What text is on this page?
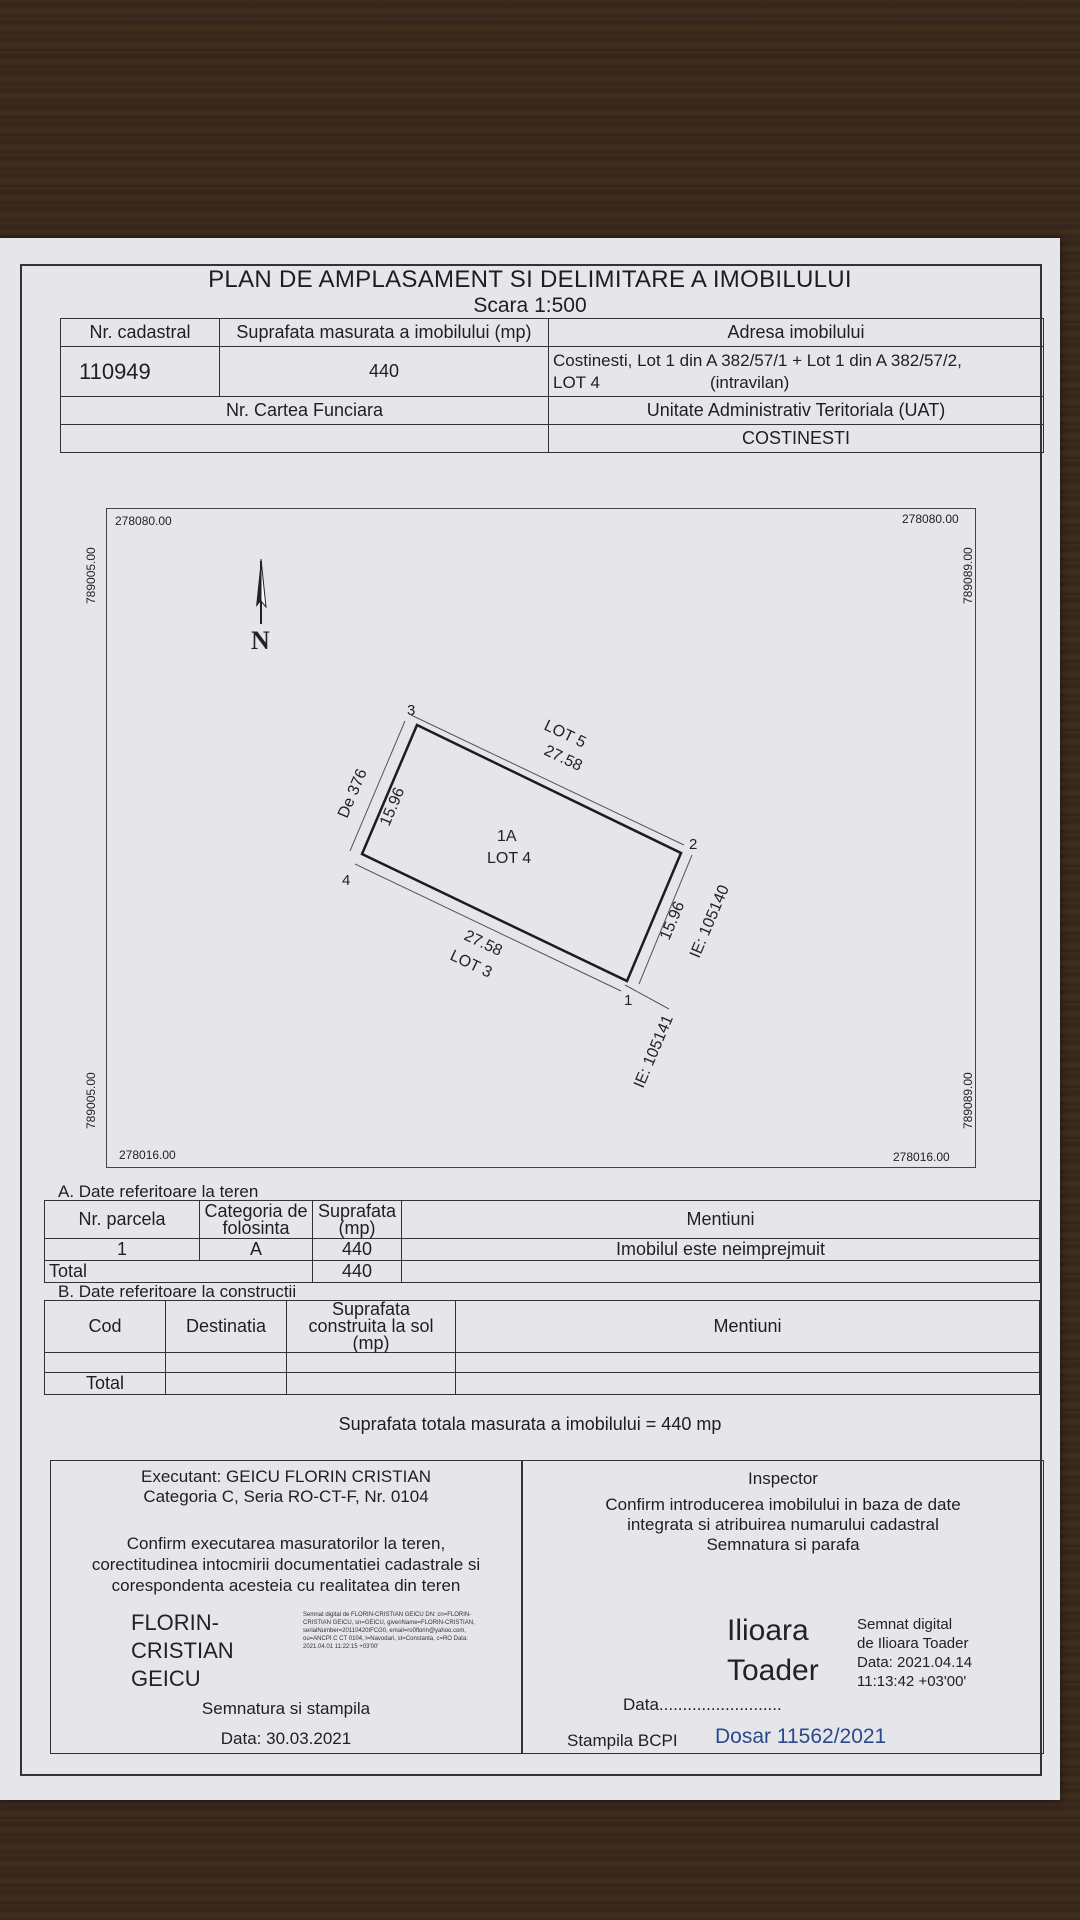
PLAN DE AMPLASAMENT SI DELIMITARE A IMOBILULUI
Scara 1:500
Nr. cadastral	Suprafata masurata a imobilului (mp)	Adresa imobilului
110949	440	Costinesti, Lot 1 din A 382/57/1 + Lot 1 din A 382/57/2,
LOT 4 (intravilan)

Nr. Cartea Funciara		Unitate Administrativ Teritoriala (UAT)
		COSTINESTI
N
278080.00	278080.00
278016.00	278016.00
789005.00
789005.00
789089.00
789089.00
3
2
1
4
27.58
27.58
15.96
15.96
LOT 5
LOT 3
De 376
IE: 105140
IE: 105141
1A
LOT 4
A. Date referitoare la teren
Nr. parcela	Categoria de folosinta	Suprafata (mp)	Mentiuni
1	A	440	Imobilul este neimprejmuit
Total		440	
B. Date referitoare la constructii
Cod	Destinatia	Suprafata construita la sol (mp)	Mentiuni

Total			
Suprafata totala masurata a imobilului = 440 mp
Executant: GEICU FLORIN CRISTIAN
Categoria C, Seria RO-CT-F, Nr. 0104
Confirm executarea masuratorilor la teren,
corectitudinea intocmirii documentatiei cadastrale si
corespondenta acesteia cu realitatea din teren
FLORIN-
CRISTIAN
GEICU
Semnat digital de FLORIN-CRISTIAN GEICU DN: cn=FLORIN-CRISTIAN GEICU, sn=GEICU, givenName=FLORIN-CRISTIAN, serialNumber=20110420IFCG0, email=ro0florin@yahoo.com, ou=ANCPI C CT 0104, l=Navodari, st=Constanta, c=RO Data: 2021.04.01 11:22:15 +03'00'
Semnatura si stampila
Data: 30.03.2021
Inspector
Confirm introducerea imobilului in baza de date
integrata si atribuirea numarului cadastral
Semnatura si parafa
Ilioara
Toader
Semnat digital
de Ilioara Toader
Data: 2021.04.14
11:13:42 +03'00'
Data..........................
Stampila BCPI Dosar 11562/2021
